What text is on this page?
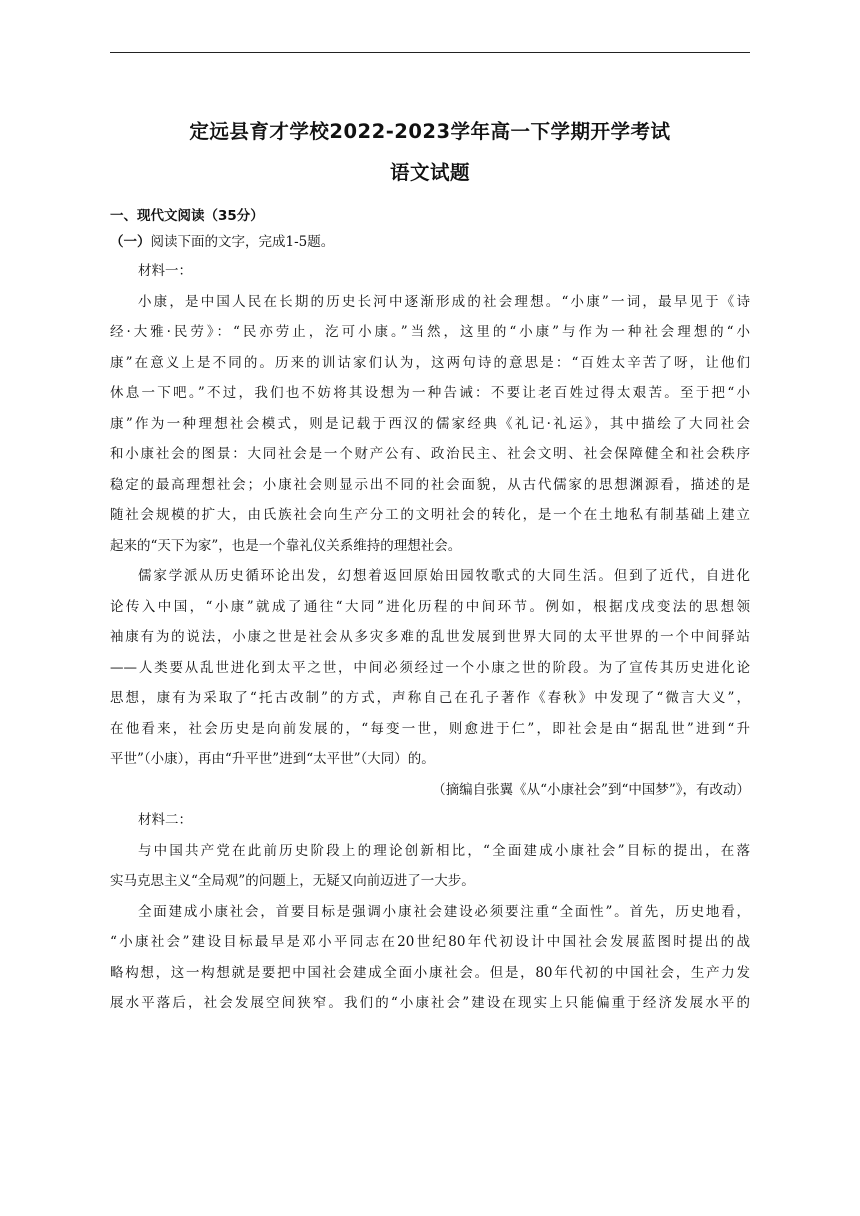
定远县育才学校2022-2023学年高一下学期开学考试
语文试题
一、现代文阅读（35分）
（一）阅读下面的文字，完成1-5题。
材料一：
小康，是中国人民在长期的历史长河中逐渐形成的社会理想。“小康”一词，最早见于《诗
经·大雅·民劳》：“民亦劳止，汔可小康。”当然，这里的“小康”与作为一种社会理想的“小
康”在意义上是不同的。历来的训诂家们认为，这两句诗的意思是：“百姓太辛苦了呀，让他们
休息一下吧。”不过，我们也不妨将其设想为一种告诫：不要让老百姓过得太艰苦。至于把“小
康”作为一种理想社会模式，则是记载于西汉的儒家经典《礼记·礼运》，其中描绘了大同社会
和小康社会的图景：大同社会是一个财产公有、政治民主、社会文明、社会保障健全和社会秩序
稳定的最高理想社会；小康社会则显示出不同的社会面貌，从古代儒家的思想渊源看，描述的是
随社会规模的扩大，由氏族社会向生产分工的文明社会的转化，是一个在土地私有制基础上建立
起来的“天下为家”，也是一个靠礼仪关系维持的理想社会。
儒家学派从历史循环论出发，幻想着返回原始田园牧歌式的大同生活。但到了近代，自进化
论传入中国，“小康”就成了通往“大同”进化历程的中间环节。例如，根据戊戌变法的思想领
袖康有为的说法，小康之世是社会从多灾多难的乱世发展到世界大同的太平世界的一个中间驿站
——人类要从乱世进化到太平之世，中间必须经过一个小康之世的阶段。为了宣传其历史进化论
思想，康有为采取了“托古改制”的方式，声称自己在孔子著作《春秋》中发现了“微言大义”，
在他看来，社会历史是向前发展的，“每变一世，则愈进于仁”，即社会是由“据乱世”进到“升
平世”（小康），再由“升平世”进到“太平世”（大同）的。
（摘编自张翼《从“小康社会”到“中国梦”》，有改动）
材料二：
与中国共产党在此前历史阶段上的理论创新相比，“全面建成小康社会”目标的提出，在落
实马克思主义“全局观”的问题上，无疑又向前迈进了一大步。
全面建成小康社会，首要目标是强调小康社会建设必须要注重“全面性”。首先，历史地看，
“小康社会”建设目标最早是邓小平同志在20世纪80年代初设计中国社会发展蓝图时提出的战
略构想，这一构想就是要把中国社会建成全面小康社会。但是，80年代初的中国社会，生产力发
展水平落后，社会发展空间狭窄。我们的“小康社会”建设在现实上只能偏重于经济发展水平的
